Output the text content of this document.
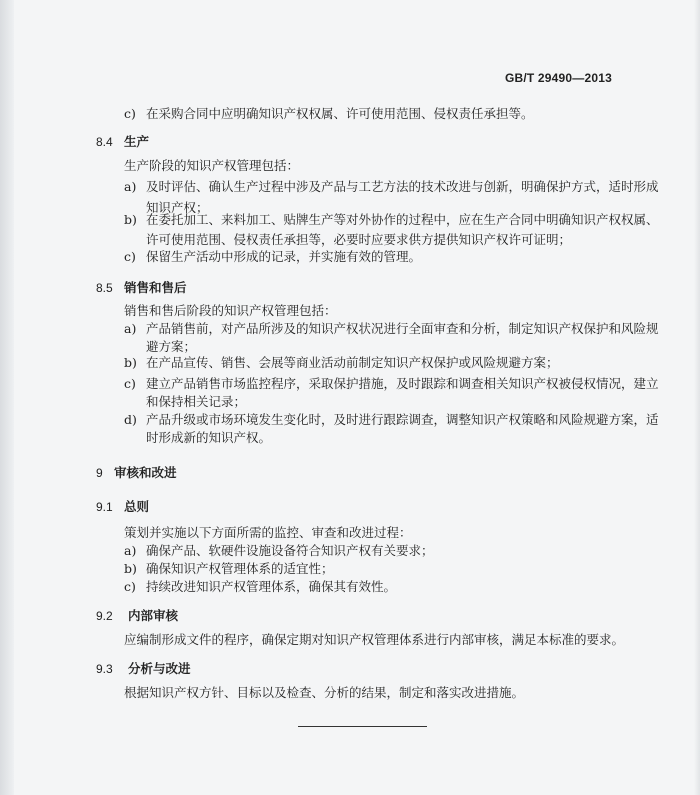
GB/T 29490—2013
c) 在采购合同中应明确知识产权权属、许可使用范围、侵权责任承担等。
8.4 生产
生产阶段的知识产权管理包括：
a) 及时评估、确认生产过程中涉及产品与工艺方法的技术改进与创新，明确保护方式，适时形成
知识产权；
b) 在委托加工、来料加工、贴牌生产等对外协作的过程中，应在生产合同中明确知识产权权属、
许可使用范围、侵权责任承担等，必要时应要求供方提供知识产权许可证明；
c) 保留生产活动中形成的记录，并实施有效的管理。
8.5 销售和售后
销售和售后阶段的知识产权管理包括：
a) 产品销售前，对产品所涉及的知识产权状况进行全面审查和分析，制定知识产权保护和风险规
避方案；
b) 在产品宣传、销售、会展等商业活动前制定知识产权保护或风险规避方案；
c) 建立产品销售市场监控程序，采取保护措施，及时跟踪和调查相关知识产权被侵权情况，建立
和保持相关记录；
d) 产品升级或市场环境发生变化时，及时进行跟踪调查，调整知识产权策略和风险规避方案，适
时形成新的知识产权。
9 审核和改进
9.1 总则
策划并实施以下方面所需的监控、审查和改进过程：
a) 确保产品、软硬件设施设备符合知识产权有关要求；
b) 确保知识产权管理体系的适宜性；
c) 持续改进知识产权管理体系，确保其有效性。
9.2 内部审核
应编制形成文件的程序，确保定期对知识产权管理体系进行内部审核，满足本标准的要求。
9.3 分析与改进
根据知识产权方针、目标以及检查、分析的结果，制定和落实改进措施。
